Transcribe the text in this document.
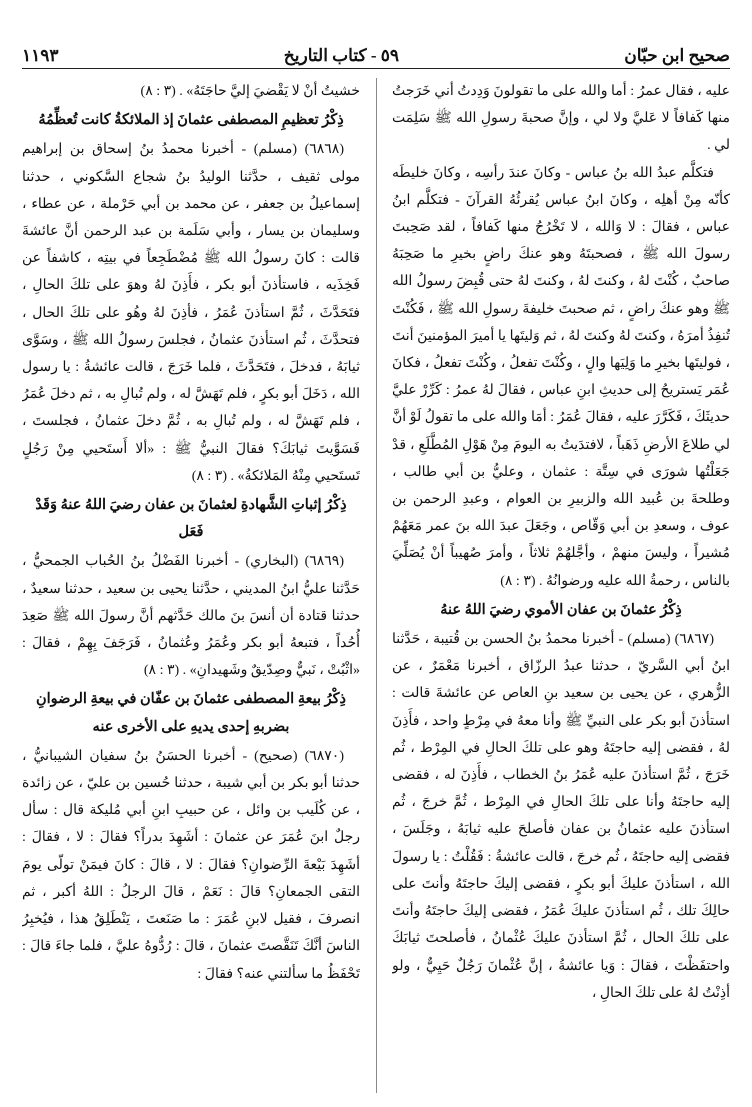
صحيح ابن حبّان
٥٩ - كتاب التاريخ
١١٩٣

عليه ، فقال عمرُ : أما والله على ما تقولونَ وَدِدتُ أني خَرَجتُ منها كَفافاً لا عَليَّ ولا لي ، وإنَّ صحبةَ رسولِ الله ﷺ سَلِمَت لي .

فتكلَّم عبدُ الله بنُ عباس - وكانَ عندَ رأسِه ، وكانَ خليطَه كأنّه مِنْ أهلِه ، وكانَ ابنُ عباس يُقرئُهُ القرآنَ - فتكلَّم ابنُ عباس ، فقالَ : لا وَالله ، لا تَخْرُجُ منها كَفافاً ، لقد صَحِبتَ رسولَ الله ﷺ ، فصحبتَهُ وهو عنكَ راضٍ بخيرِ ما صَحِبَهُ صاحبٌ ، كُنْتَ لهُ ، وكنتَ لهُ ، وكنتَ لهُ حتى قُبِضَ رسولُ الله ﷺ وهو عنكَ راضٍ ، ثم صحبتَ خليفةَ رسولِ الله ﷺ ، فَكُنْتَ تُنفِذُ أمرَهُ ، وكنتَ لهُ وكنتَ لهُ ، ثم وَليتَها يا أميرَ المؤمنينَ أنتَ ، فوليتَها بخيرِ ما وَلِيَها والٍ ، وكُنْتَ تفعلُ ، وكُنْتَ تفعلُ ، فكانَ عُمَر يَستريحُ إلى حديثِ ابنِ عباس ، فقالَ لهُ عمرُ : كَرِّرْ عليَّ حديثَكَ ، فَكَرَّرَ عليه ، فقالَ عُمَرُ : أمَا والله على ما تقولُ لَوْ أنَّ لي طلاعَ الأرضِ ذَهَباً ، لافتدَيتُ به اليومَ مِنْ هَوْلِ المُطَّلَعِ ، قدْ جَعَلْتُها شورَى في سِتَّة : عثمان ، وعليُّ بن أبي طالب ، وطلحةَ بن عُبيد الله والزبيرِ بن العوام ، وعبدِ الرحمن بن عوف ، وسعدِ بن أبي وَقّاص ، وجَعَلَ عبدَ الله بنَ عمر مَعَهُمْ مُشيراً ، وليسَ منهمْ ، وأجَّلهُمْ ثلاثاً ، وأمرَ صُهيباً أنْ يُصَلِّيَ بالناس ، رحمةُ الله عليه ورضوانُهُ . (٣ : ٨)

ذِكْرُ عثمانَ بن عفان الأموي رضيَ اللهُ عنهُ

(٦٨٦٧) (مسلم) - أخبرنا محمدُ بنُ الحسن بن قُتيبة ، حَدَّثنا ابنُ أبي السَّريّ ، حدثنا عبدُ الرزّاق ، أخبرنا مَعْمَرٌ ، عن الزُّهري ، عن يحيى بن سعيد بنِ العاص عن عائشةَ قالت : استأذنَ أبو بكر على النبيِّ ﷺ وأنا معهُ في مِرْطٍ واحد ، فأَذِنَ لهُ ، فقضى إليه حاجتَهُ وهو على تلكَ الحالِ في المِرْط ، ثُم خَرَجَ ، ثُمَّ استأذنَ عليه عُمَرُ بنُ الخطاب ، فأَذِنَ له ، فقضى إليه حاجتَهُ وأنا على تلكَ الحالِ في المِرْط ، ثُمَّ خرجَ ، ثُم استأذنَ عليه عثمانُ بن عفان فأصلحَ عليه ثيابَهُ ، وجَلَسَ ، فقضى إليه حاجتَهُ ، ثُم خرجَ ، قالت عائشةُ : فَقُلْتُ : يا رسولَ الله ، استأذنَ عليكَ أبو بكرٍ ، فقضى إليكَ حاجتَهُ وأنتَ على حالِكَ تلك ، ثُم استأذنَ عليكَ عُمَرُ ، فقضى إليكَ حاجتَهُ وأنتَ على تلكَ الحال ، ثُمَّ استأذنَ عليكَ عُثْمانُ ، فأصلحتَ ثيابَكَ واحتفَظْتَ ، فقالَ : وَيا عائشةُ ، إنَّ عُثْمانَ رَجُلٌ حَيِيٌّ ، ولو أذِنْتُ لهُ على تلكَ الحالِ ،

خشيتُ أنْ لا يَقْضيَ إليَّ حاجَتَهُ» . (٣ : ٨)

ذِكْرُ تعظيمِ المصطفى عثمانَ إذ الملائكةُ كانت تُعظِّمُهُ

(٦٨٦٨) (مسلم) - أخبرنا محمدُ بنُ إسحاق بن إبراهيم مولى ثقيف ، حدَّثنا الوليدُ بنُ شجاع السَّكوني ، حدثنا إسماعيلُ بن جعفر ، عن محمد بن أبي حَرْملة ، عن عطاء ، وسليمان بن يسار ، وأبي سَلَمة بن عبد الرحمن أنَّ عائشةَ قالت : كانَ رسولُ الله ﷺ مُضْطَجِعاً في بيتِه ، كاشفاً عن فَخِذَيه ، فاستأذنَ أبو بكر ، فأَذِنَ لهُ وهوَ على تلكَ الحالِ ، فتَحَدَّثَ ، ثُمَّ استأذنَ عُمَرُ ، فأذِنَ لهُ وهُو على تلكَ الحال ، فتحدَّثَ ، ثُم استأذنَ عثمانُ ، فجلسَ رسولُ الله ﷺ ، وسَوَّى ثيابَهُ ، فدخلَ ، فتَحَدَّثَ ، فلما خَرَجَ ، قالت عائشةُ : يا رسول الله ، دَخَلَ أبو بكرٍ ، فلم تَهَشَّ له ، ولم تُبالِ به ، ثم دخلَ عُمَرُ ، فلم تَهَشَّ له ، ولم تُبالِ به ، ثُمَّ دخلَ عثمانُ ، فجلستَ ، فَسَوَّيتَ ثيابَكَ؟ فقالَ النبيُّ ﷺ : «ألا أَستَحيي مِنْ رَجُلٍ تَستَحيي مِنْهُ المَلائكةُ» . (٣ : ٨)

ذِكْرُ إثباتِ الشَّهادةِ لعثمانَ بن عفان رضيَ اللهُ عنهُ وَقَدْ فَعَل

(٦٨٦٩) (البخاري) - أخبرنا الفَضْلُ بنُ الحُباب الجمحيُّ ، حَدَّثنا عليُّ ابنُ المديني ، حدَّثنا يحيى بن سعيد ، حدثنا سعيدٌ ، حدثنا قتادة أن أنسَ بنَ مالك حَدَّثهم أنَّ رسولَ الله ﷺ صَعِدَ أُحُداً ، فتبعهُ أبو بكر وعُمَرُ وعُثمانُ ، فَرَجَفَ بِهِمْ ، فقالَ : «اثْبُتْ ، نَبيٌّ وصِدّيقٌ وشَهيدانِ» . (٣ : ٨)

ذِكْرُ بيعةِ المصطفى عثمانَ بن عفّان في بيعةِ الرضوانِ بضربهِ إحدى يديهِ على الأخرى عنه

(٦٨٧٠) (صحيح) - أخبرنا الحسَنُ بنُ سفيان الشيبانيُّ ، حدثنا أبو بكر بن أبي شيبة ، حدثنا حُسين بن عليّ ، عن زائدة ، عن كُلَيب بن وائل ، عن حبيبِ ابنِ أبي مُليكة قال : سأل رجلٌ ابنَ عُمَرَ عن عثمانَ : أشَهِدَ بدراً؟ فقالَ : لا ، فقالَ : أشَهِدَ بَيْعةَ الرِّضوانِ؟ فقالَ : لا ، قالَ : كانَ فيمَنْ تولّى يومَ التقى الجمعانِ؟ قالَ : نَعَمْ ، قالَ الرجلُ : اللهُ أكبر ، ثم انصرفَ ، فقيل لابنِ عُمَرَ : ما صَنَعتَ ، يَنْطَلِقُ هذا ، فيُخبِرُ الناسَ أنَّكَ تَنَقَّصتَ عثمانَ ، قالَ : رُدُّوهُ عليَّ ، فلما جاءَ قالَ : تَحْفَظُ ما سألتني عنه؟ فقالَ :
